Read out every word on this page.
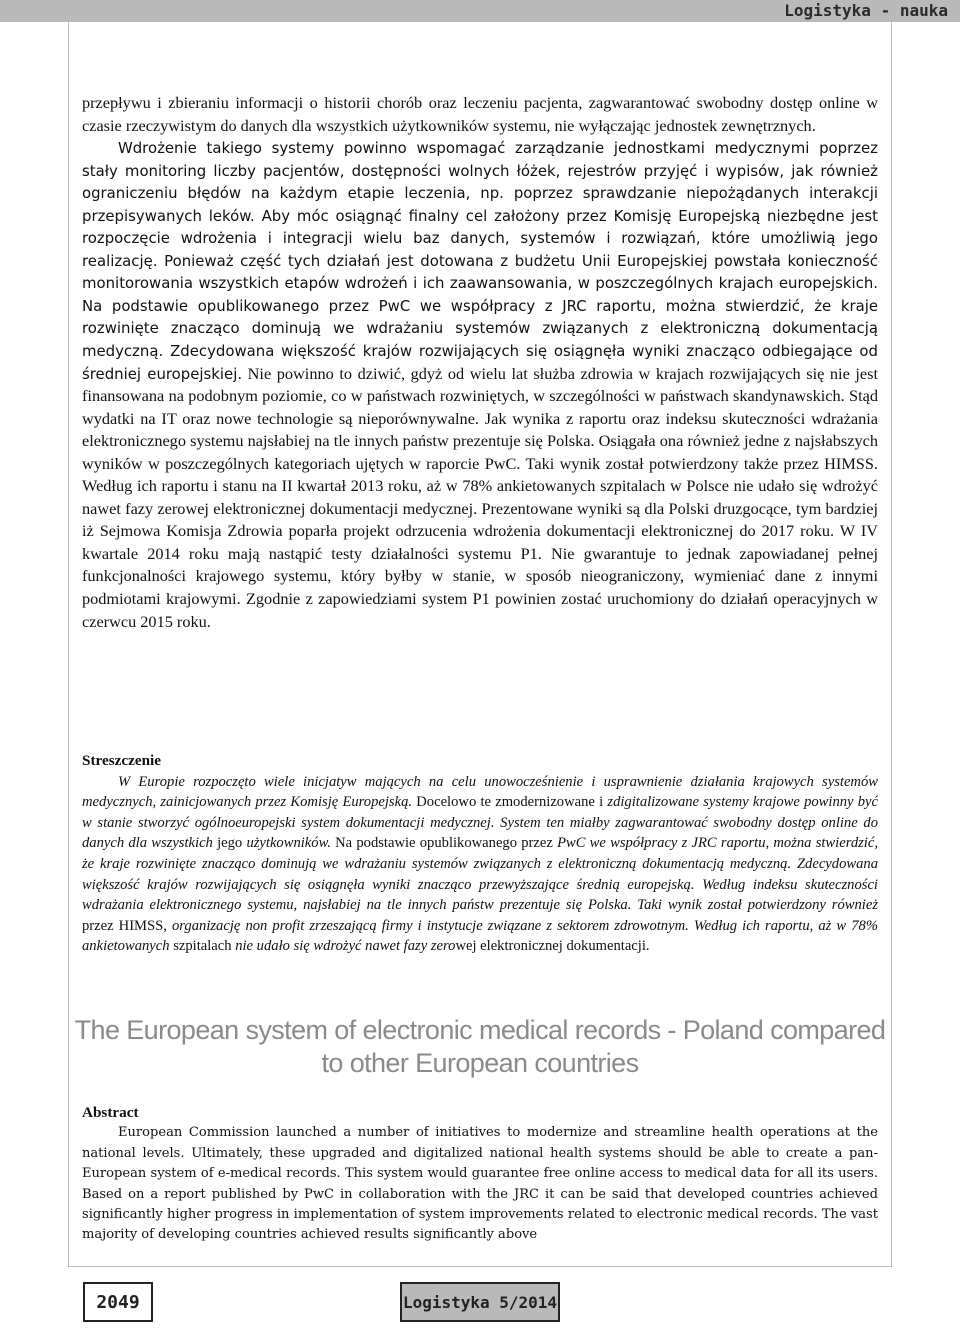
Logistyka - nauka

przepływu i zbieraniu informacji o historii chorób oraz leczeniu pacjenta, zagwarantować swobodny dostęp online w czasie rzeczywistym do danych dla wszystkich użytkowników systemu, nie wyłączając jednostek zewnętrznych.

Wdrożenie takiego systemy powinno wspomagać zarządzanie jednostkami medycznymi poprzez stały monitoring liczby pacjentów, dostępności wolnych łóżek, rejestrów przyjęć i wypisów, jak również ograniczeniu błędów na każdym etapie leczenia, np. poprzez sprawdzanie niepożądanych interakcji przepisywanych leków. Aby móc osiągnąć finalny cel założony przez Komisję Europejską niezbędne jest rozpoczęcie wdrożenia i integracji wielu baz danych, systemów i rozwiązań, które umożliwią jego realizację. Ponieważ część tych działań jest dotowana z budżetu Unii Europejskiej powstała konieczność monitorowania wszystkich etapów wdrożeń i ich zaawansowania, w poszczególnych krajach europejskich. Na podstawie opublikowanego przez PwC we współpracy z JRC raportu, można stwierdzić, że kraje rozwinięte znacząco dominują we wdrażaniu systemów związanych z elektroniczną dokumentacją medyczną. Zdecydowana większość krajów rozwijających się osiągnęła wyniki znacząco odbiegające od średniej europejskiej. Nie powinno to dziwić, gdyż od wielu lat służba zdrowia w krajach rozwijających się nie jest finansowana na podobnym poziomie, co w państwach rozwiniętych, w szczególności w państwach skandynawskich. Stąd wydatki na IT oraz nowe technologie są nieporównywalne. Jak wynika z raportu oraz indeksu skuteczności wdrażania elektronicznego systemu najsłabiej na tle innych państw prezentuje się Polska. Osiągała ona również jedne z najsłabszych wyników w poszczególnych kategoriach ujętych w raporcie PwC. Taki wynik został potwierdzony także przez HIMSS. Według ich raportu i stanu na II kwartał 2013 roku, aż w 78% ankietowanych szpitalach w Polsce nie udało się wdrożyć nawet fazy zerowej elektronicznej dokumentacji medycznej. Prezentowane wyniki są dla Polski druzgocące, tym bardziej iż Sejmowa Komisja Zdrowia poparła projekt odrzucenia wdrożenia dokumentacji elektronicznej do 2017 roku. W IV kwartale 2014 roku mają nastąpić testy działalności systemu P1. Nie gwarantuje to jednak zapowiadanej pełnej funkcjonalności krajowego systemu, który byłby w stanie, w sposób nieograniczony, wymieniać dane z innymi podmiotami krajowymi. Zgodnie z zapowiedziami system P1 powinien zostać uruchomiony do działań operacyjnych w czerwcu 2015 roku.

Streszczenie

W Europie rozpoczęto wiele inicjatyw mających na celu unowocześnienie i usprawnienie działania krajowych systemów medycznych, zainicjowanych przez Komisję Europejską. Docelowo te zmodernizowane i zdigitalizowane systemy krajowe powinny być w stanie stworzyć ogólnoeuropejski system dokumentacji medycznej. System ten miałby zagwarantować swobodny dostęp online do danych dla wszystkich jego użytkowników. Na podstawie opublikowanego przez PwC we współpracy z JRC raportu, można stwierdzić, że kraje rozwinięte znacząco dominują we wdrażaniu systemów związanych z elektroniczną dokumentacją medyczną. Zdecydowana większość krajów rozwijających się osiągnęła wyniki znacząco przewyższające średnią europejską. Według indeksu skuteczności wdrażania elektronicznego systemu, najsłabiej na tle innych państw prezentuje się Polska. Taki wynik został potwierdzony również przez HIMSS, organizację non profit zrzeszającą firmy i instytucje związane z sektorem zdrowotnym. Według ich raportu, aż w 78% ankietowanych szpitalach nie udało się wdrożyć nawet fazy zerowej elektronicznej dokumentacji.

The European system of electronic medical records - Poland compared to other European countries

Abstract

European Commission launched a number of initiatives to modernize and streamline health operations at the national levels. Ultimately, these upgraded and digitalized national health systems should be able to create a pan-European system of e-medical records. This system would guarantee free online access to medical data for all its users. Based on a report published by PwC in collaboration with the JRC it can be said that developed countries achieved significantly higher progress in implementation of system improvements related to electronic medical records. The vast majority of developing countries achieved results significantly above

2049	Logistyka 5/2014
